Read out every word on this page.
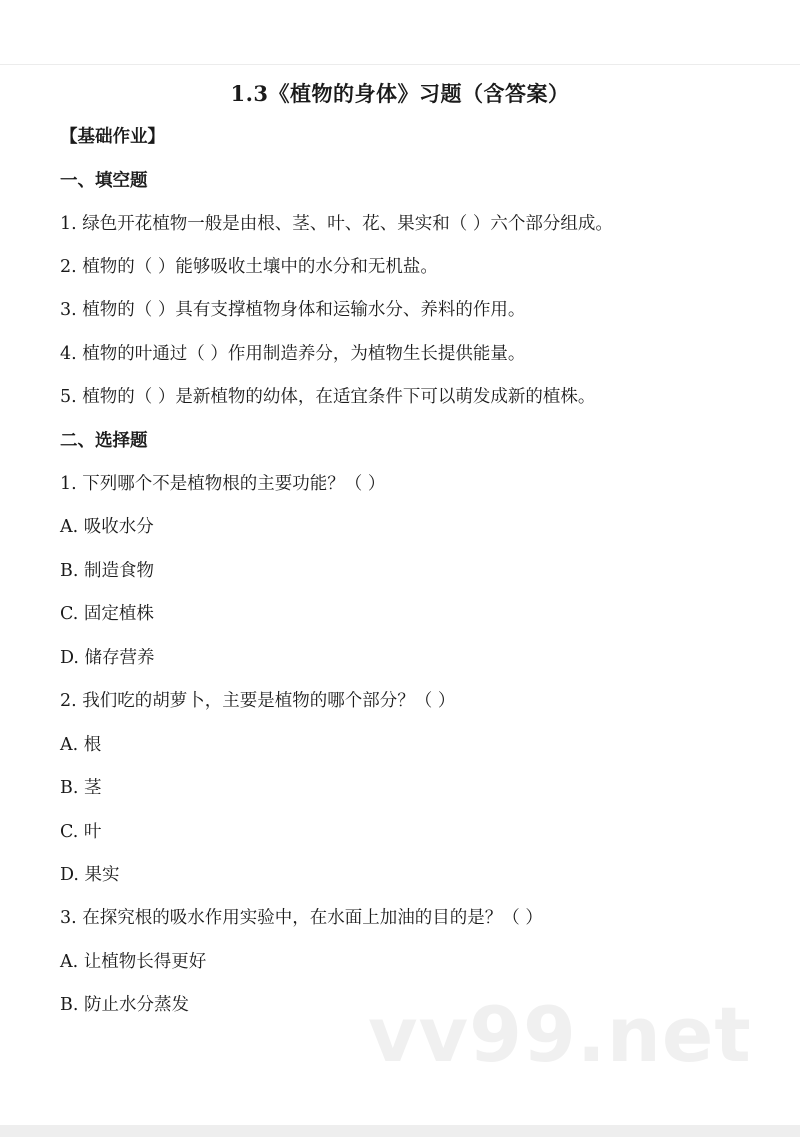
1.3《植物的身体》习题（含答案）
【基础作业】
一、填空题
1. 绿色开花植物一般是由根、茎、叶、花、果实和（ ）六个部分组成。
2. 植物的（ ）能够吸收土壤中的水分和无机盐。
3. 植物的（ ）具有支撑植物身体和运输水分、养料的作用。
4. 植物的叶通过（ ）作用制造养分，为植物生长提供能量。
5. 植物的（ ）是新植物的幼体，在适宜条件下可以萌发成新的植株。
二、选择题
1. 下列哪个不是植物根的主要功能？（ ）
A. 吸收水分
B. 制造食物
C. 固定植株
D. 储存营养
2. 我们吃的胡萝卜，主要是植物的哪个部分？（ ）
A. 根
B. 茎
C. 叶
D. 果实
3. 在探究根的吸水作用实验中，在水面上加油的目的是？（ ）
A. 让植物长得更好
B. 防止水分蒸发 vv99.net
